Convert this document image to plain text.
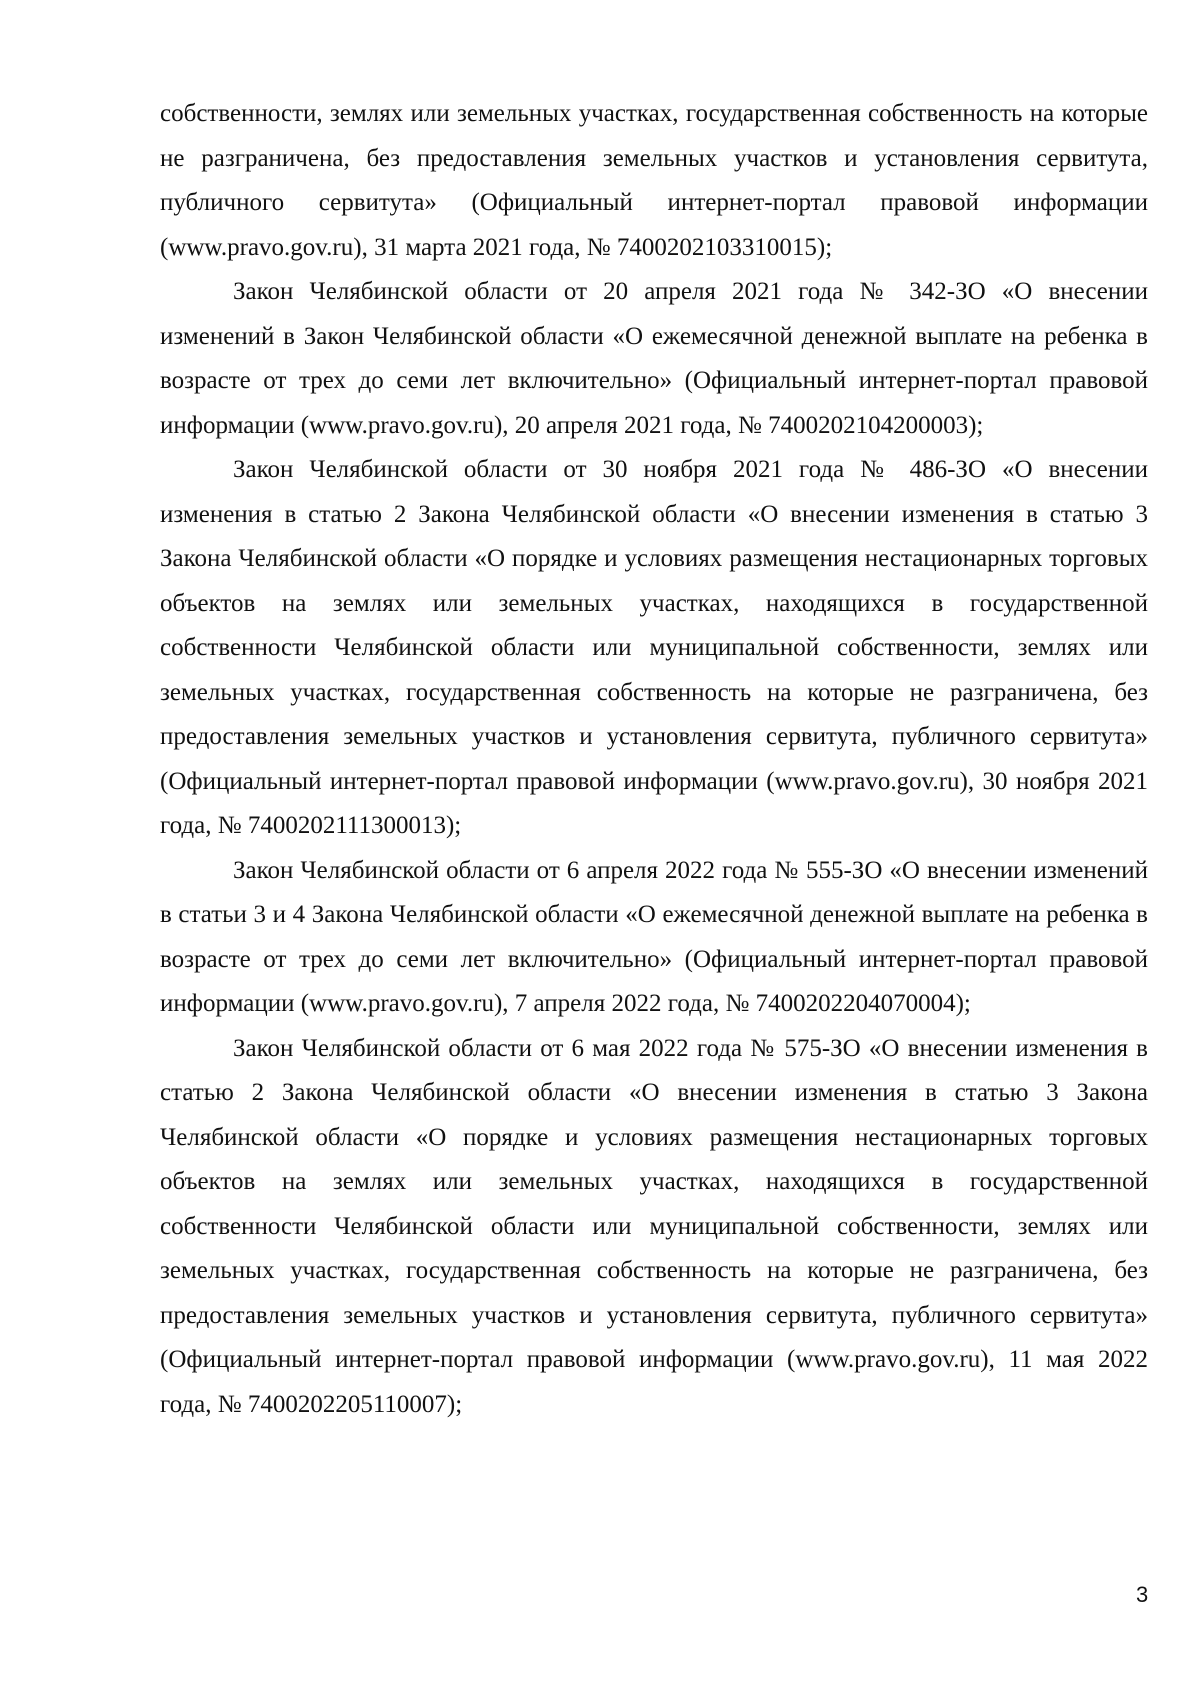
собственности, землях или земельных участках, государственная собственность на которые не разграничена, без предоставления земельных участков и установления сервитута, публичного сервитута» (Официальный интернет-портал правовой информации (www.pravo.gov.ru), 31 марта 2021 года, № 7400202103310015);

Закон Челябинской области от 20 апреля 2021 года № 342-ЗО «О внесении изменений в Закон Челябинской области «О ежемесячной денежной выплате на ребенка в возрасте от трех до семи лет включительно» (Официальный интернет-портал правовой информации (www.pravo.gov.ru), 20 апреля 2021 года, № 7400202104200003);

Закон Челябинской области от 30 ноября 2021 года № 486-ЗО «О внесении изменения в статью 2 Закона Челябинской области «О внесении изменения в статью 3 Закона Челябинской области «О порядке и условиях размещения нестационарных торговых объектов на землях или земельных участках, находящихся в государственной собственности Челябинской области или муниципальной собственности, землях или земельных участках, государственная собственность на которые не разграничена, без предоставления земельных участков и установления сервитута, публичного сервитута» (Официальный интернет-портал правовой информации (www.pravo.gov.ru), 30 ноября 2021 года, № 7400202111300013);

Закон Челябинской области от 6 апреля 2022 года № 555-ЗО «О внесении изменений в статьи 3 и 4 Закона Челябинской области «О ежемесячной денежной выплате на ребенка в возрасте от трех до семи лет включительно» (Официальный интернет-портал правовой информации (www.pravo.gov.ru), 7 апреля 2022 года, № 7400202204070004);

Закон Челябинской области от 6 мая 2022 года № 575-ЗО «О внесении изменения в статью 2 Закона Челябинской области «О внесении изменения в статью 3 Закона Челябинской области «О порядке и условиях размещения нестационарных торговых объектов на землях или земельных участках, находящихся в государственной собственности Челябинской области или муниципальной собственности, землях или земельных участках, государственная собственность на которые не разграничена, без предоставления земельных участков и установления сервитута, публичного сервитута» (Официальный интернет-портал правовой информации (www.pravo.gov.ru), 11 мая 2022 года, № 7400202205110007);

3
